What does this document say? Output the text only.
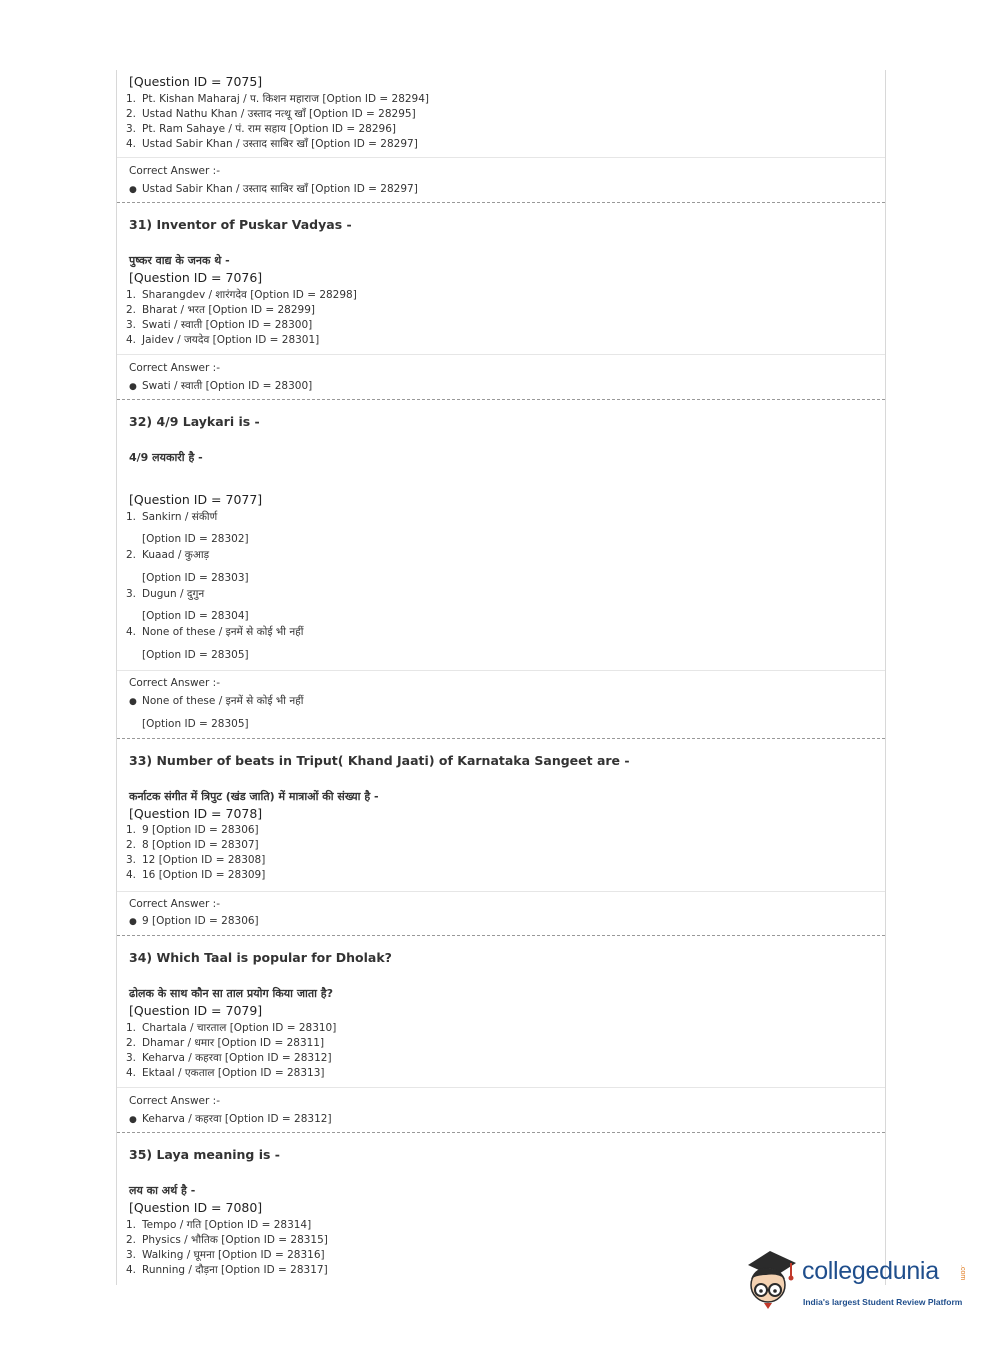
[Question ID = 7075]
1. Pt. Kishan Maharaj / प. किशन महाराज [Option ID = 28294]
2. Ustad Nathu Khan / उस्ताद नत्थू खाँ [Option ID = 28295]
3. Pt. Ram Sahaye / पं. राम सहाय [Option ID = 28296]
4. Ustad Sabir Khan / उस्ताद साबिर खाँ [Option ID = 28297]
Correct Answer :-
● Ustad Sabir Khan / उस्ताद साबिर खाँ [Option ID = 28297]
31) Inventor of Puskar Vadyas -
पुष्कर वाद्य के जनक थे -
[Question ID = 7076]
1. Sharangdev / शारंगदेव [Option ID = 28298]
2. Bharat / भरत [Option ID = 28299]
3. Swati / स्वाती [Option ID = 28300]
4. Jaidev / जयदेव [Option ID = 28301]
Correct Answer :-
● Swati / स्वाती [Option ID = 28300]
32) 4/9 Laykari is -
4/9 लयकारी है -
[Question ID = 7077]
1. Sankirn / संकीर्ण
[Option ID = 28302]
2. Kuaad / कुआड़
[Option ID = 28303]
3. Dugun / दुगुन
[Option ID = 28304]
4. None of these / इनमें से कोई भी नहीं
[Option ID = 28305]
Correct Answer :-
● None of these / इनमें से कोई भी नहीं
[Option ID = 28305]
33) Number of beats in Triput( Khand Jaati) of Karnataka Sangeet are -
कर्नाटक संगीत में त्रिपुट (खंड जाति) में मात्राओं की संख्या है -
[Question ID = 7078]
1. 9 [Option ID = 28306]
2. 8 [Option ID = 28307]
3. 12 [Option ID = 28308]
4. 16 [Option ID = 28309]
Correct Answer :-
● 9 [Option ID = 28306]
34) Which Taal is popular for Dholak?
ढोलक के साथ कौन सा ताल प्रयोग किया जाता है?
[Question ID = 7079]
1. Chartala / चारताल [Option ID = 28310]
2. Dhamar / धमार [Option ID = 28311]
3. Keharva / कहरवा [Option ID = 28312]
4. Ektaal / एकताल [Option ID = 28313]
Correct Answer :-
● Keharva / कहरवा [Option ID = 28312]
35) Laya meaning is -
लय का अर्थ है -
[Question ID = 7080]
1. Tempo / गति [Option ID = 28314]
2. Physics / भौतिक [Option ID = 28315]
3. Walking / घूमना [Option ID = 28316]
4. Running / दौड़ना [Option ID = 28317]	collegedunia	.com
India's largest Student Review Platform
